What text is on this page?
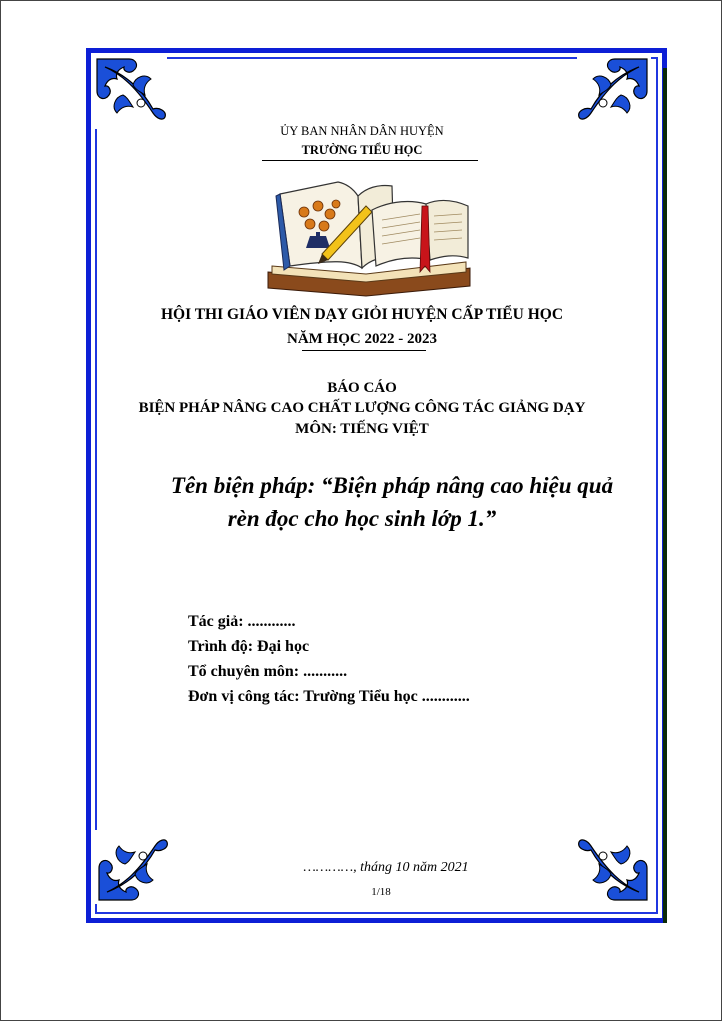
ỦY BAN NHÂN DÂN HUYỆN
TRƯỜNG TIỂU HỌC
HỘI THI GIÁO VIÊN DẠY GIỎI HUYỆN CẤP TIỂU HỌC
NĂM HỌC 2022 - 2023
BÁO CÁO
BIỆN PHÁP NÂNG CAO CHẤT LƯỢNG CÔNG TÁC GIẢNG DẠY
MÔN: TIẾNG VIỆT
Tên biện pháp: “Biện pháp nâng cao hiệu quả
rèn đọc cho học sinh lớp 1.”
Tác giả: ............
Trình độ: Đại học
Tổ chuyên môn: ...........
Đơn vị công tác: Trường Tiểu học ............
…………, tháng 10 năm 2021
1/18
